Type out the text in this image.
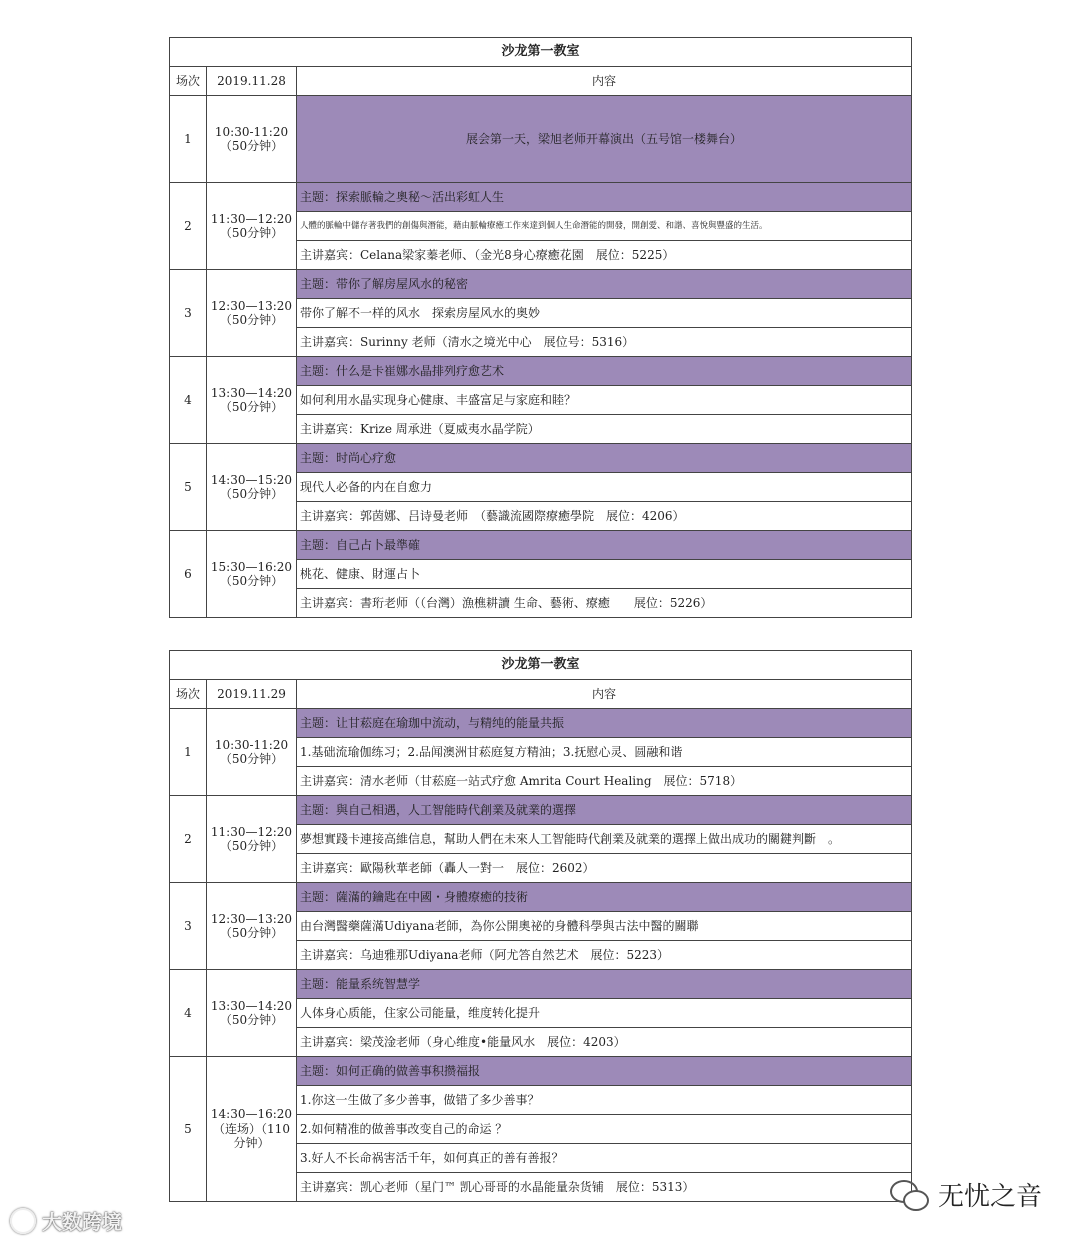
沙龙第一教室		
场次	2019.11.28	内容
1	10:30-11:20
（50分钟）	展会第一天，梁旭老师开幕演出（五号馆一楼舞台）
2	11:30—12:20
（50分钟）	主题：探索脈輪之奧秘～活出彩虹人生
		人體的脈輪中儲存著我們的創傷與潛能，藉由脈輪療癒工作來達到個人生命潛能的開發，開創愛、和諧、喜悅與豐盛的生活。
		主讲嘉宾：Celana梁家蓁老师、（金光8身心療癒花園　展位：5225）
3	12:30—13:20
（50分钟）	主题：带你了解房屋风水的秘密
		带你了解不一样的风水　探索房屋风水的奥妙
		主讲嘉宾：Surinny 老师（清水之境光中心　展位号：5316）
4	13:30—14:20
（50分钟）	主题：什么是卡崔娜水晶排列疗愈艺术
		如何利用水晶实现身心健康、丰盛富足与家庭和睦？
		主讲嘉宾：Krize 周承进（夏威夷水晶学院）
5	14:30—15:20
（50分钟）	主题：时尚心疗愈
		现代人必备的内在自愈力
		主讲嘉宾：郭茵娜、吕诗曼老师　（藝識流國際療癒學院　展位：4206）
6	15:30—16:20
（50分钟）	主题：自己占卜最準確
		桃花、健康、財運占卜
		主讲嘉宾：書珩老师（（台灣）漁樵耕讀 生命、藝術、療癒　　展位：5226）
沙龙第一教室		
场次	2019.11.29	内容
1	10:30-11:20
（50分钟）	主题：让甘菘庭在瑜珈中流动，与精纯的能量共振
		1.基础流瑜伽练习；2.品闻澳洲甘菘庭复方精油；3.抚慰心灵、圆融和谐
		主讲嘉宾：清水老师（甘菘庭一站式疗愈 Amrita Court Healing　展位：5718）
2	11:30—12:20
（50分钟）	主题：與自己相遇，人工智能時代創業及就業的選擇
		夢想實踐卡連接高維信息，幫助人們在未來人工智能時代創業及就業的選擇上做出成功的關鍵判斷　。
		主讲嘉宾：歐陽秋華老師（轟人一對一　展位：2602）
3	12:30—13:20
（50分钟）	主题：薩滿的鑰匙在中國・身體療癒的技術
		由台灣醫藥薩滿Udiyana老師，為你公開奧祕的身體科學與古法中醫的關聯
		主讲嘉宾：乌迪雅那Udiyana老师（阿尤答自然艺术　展位：5223）
4	13:30—14:20
（50分钟）	主题：能量系统智慧学
		人体身心质能，住家公司能量，维度转化提升
		主讲嘉宾：梁茂淦老师（身心维度•能量风水　展位：4203）
5	14:30—16:20
（连场）（110
分钟）	主题：如何正确的做善事积攒福报
		1.你这一生做了多少善事，做错了多少善事？
		2.如何精准的做善事改变自己的命运 ？
		3.好人不长命祸害活千年，如何真正的善有善报？
		主讲嘉宾：凯心老师（星门™ 凯心哥哥的水晶能量杂货铺　展位：5313）
大数跨境
无忧之音
